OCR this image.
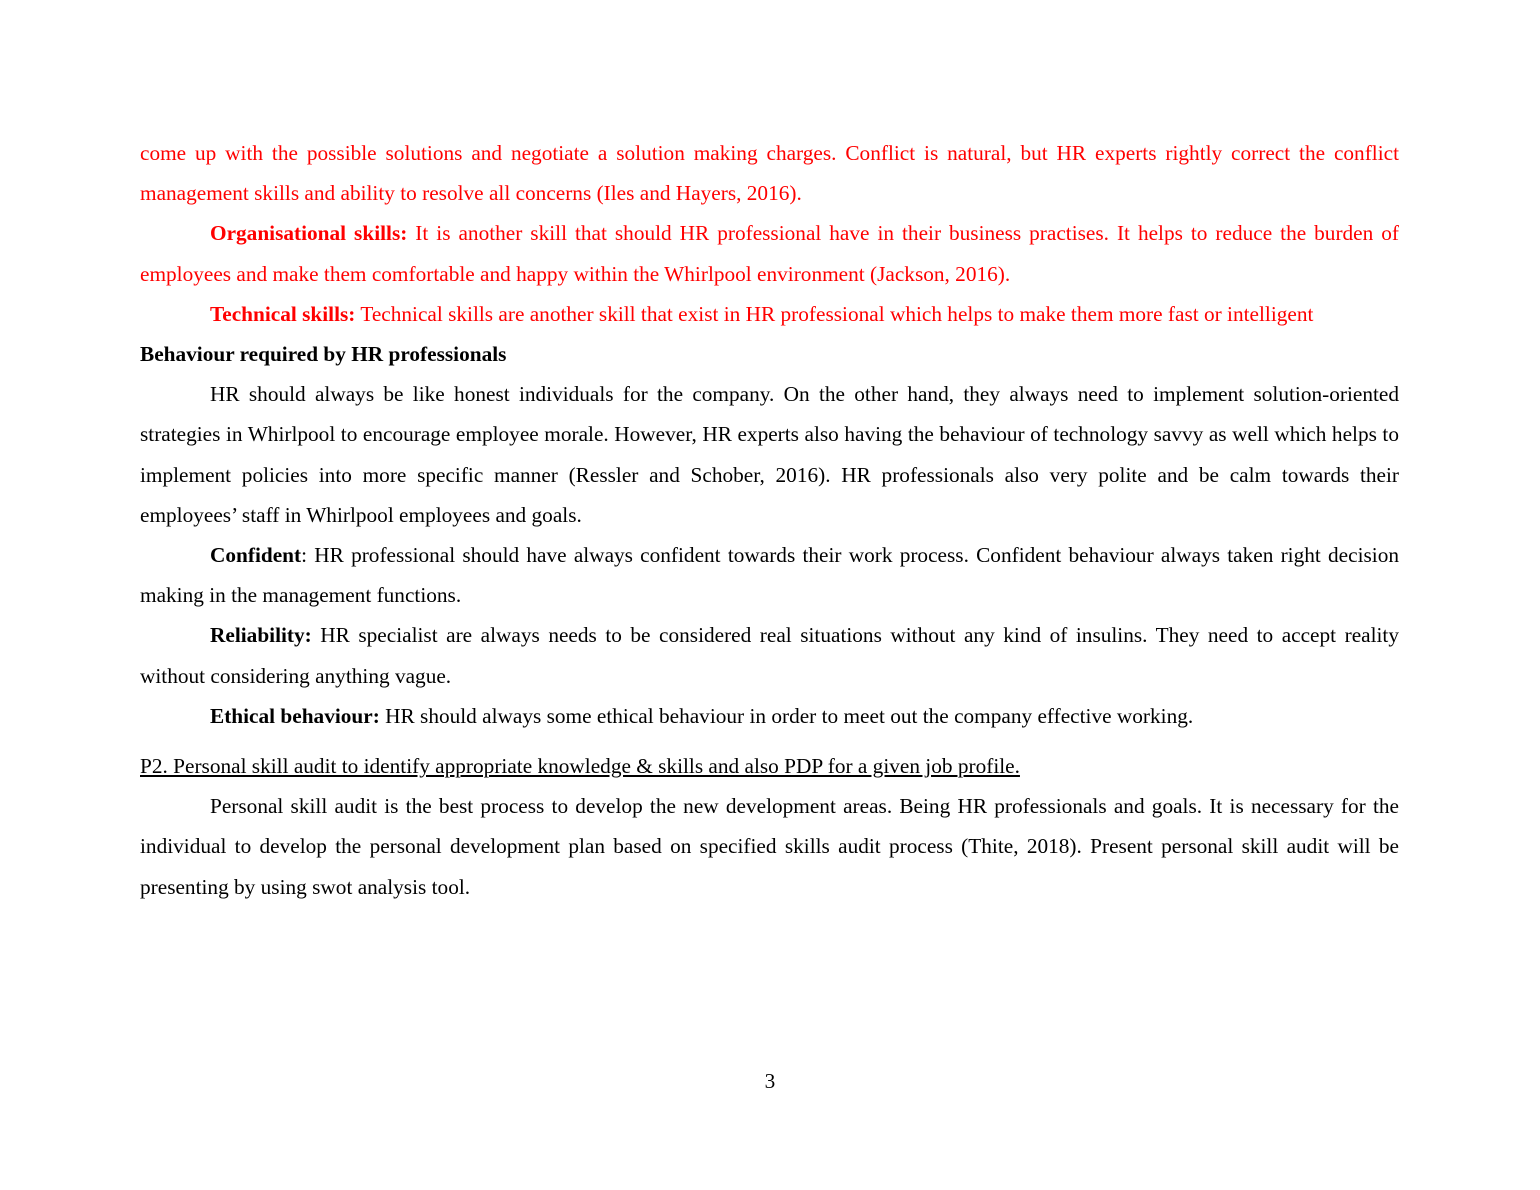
come up with the possible solutions and negotiate a solution making charges. Conflict is natural, but HR experts rightly correct the conflict management skills and ability to resolve all concerns (Iles and Hayers, 2016).

Organisational skills: It is another skill that should HR professional have in their business practises. It helps to reduce the burden of employees and make them comfortable and happy within the Whirlpool environment (Jackson, 2016).

Technical skills: Technical skills are another skill that exist in HR professional which helps to make them more fast or intelligent

Behaviour required by HR professionals

HR should always be like honest individuals for the company. On the other hand, they always need to implement solution-oriented strategies in Whirlpool to encourage employee morale. However, HR experts also having the behaviour of technology savvy as well which helps to implement policies into more specific manner (Ressler and Schober, 2016). HR professionals also very polite and be calm towards their employees’ staff in Whirlpool employees and goals.

Confident: HR professional should have always confident towards their work process. Confident behaviour always taken right decision making in the management functions.

Reliability: HR specialist are always needs to be considered real situations without any kind of insulins. They need to accept reality without considering anything vague.

Ethical behaviour: HR should always some ethical behaviour in order to meet out the company effective working.

P2. Personal skill audit to identify appropriate knowledge & skills and also PDP for a given job profile.

Personal skill audit is the best process to develop the new development areas. Being HR professionals and goals. It is necessary for the individual to develop the personal development plan based on specified skills audit process (Thite, 2018). Present personal skill audit will be presenting by using swot analysis tool.

3
